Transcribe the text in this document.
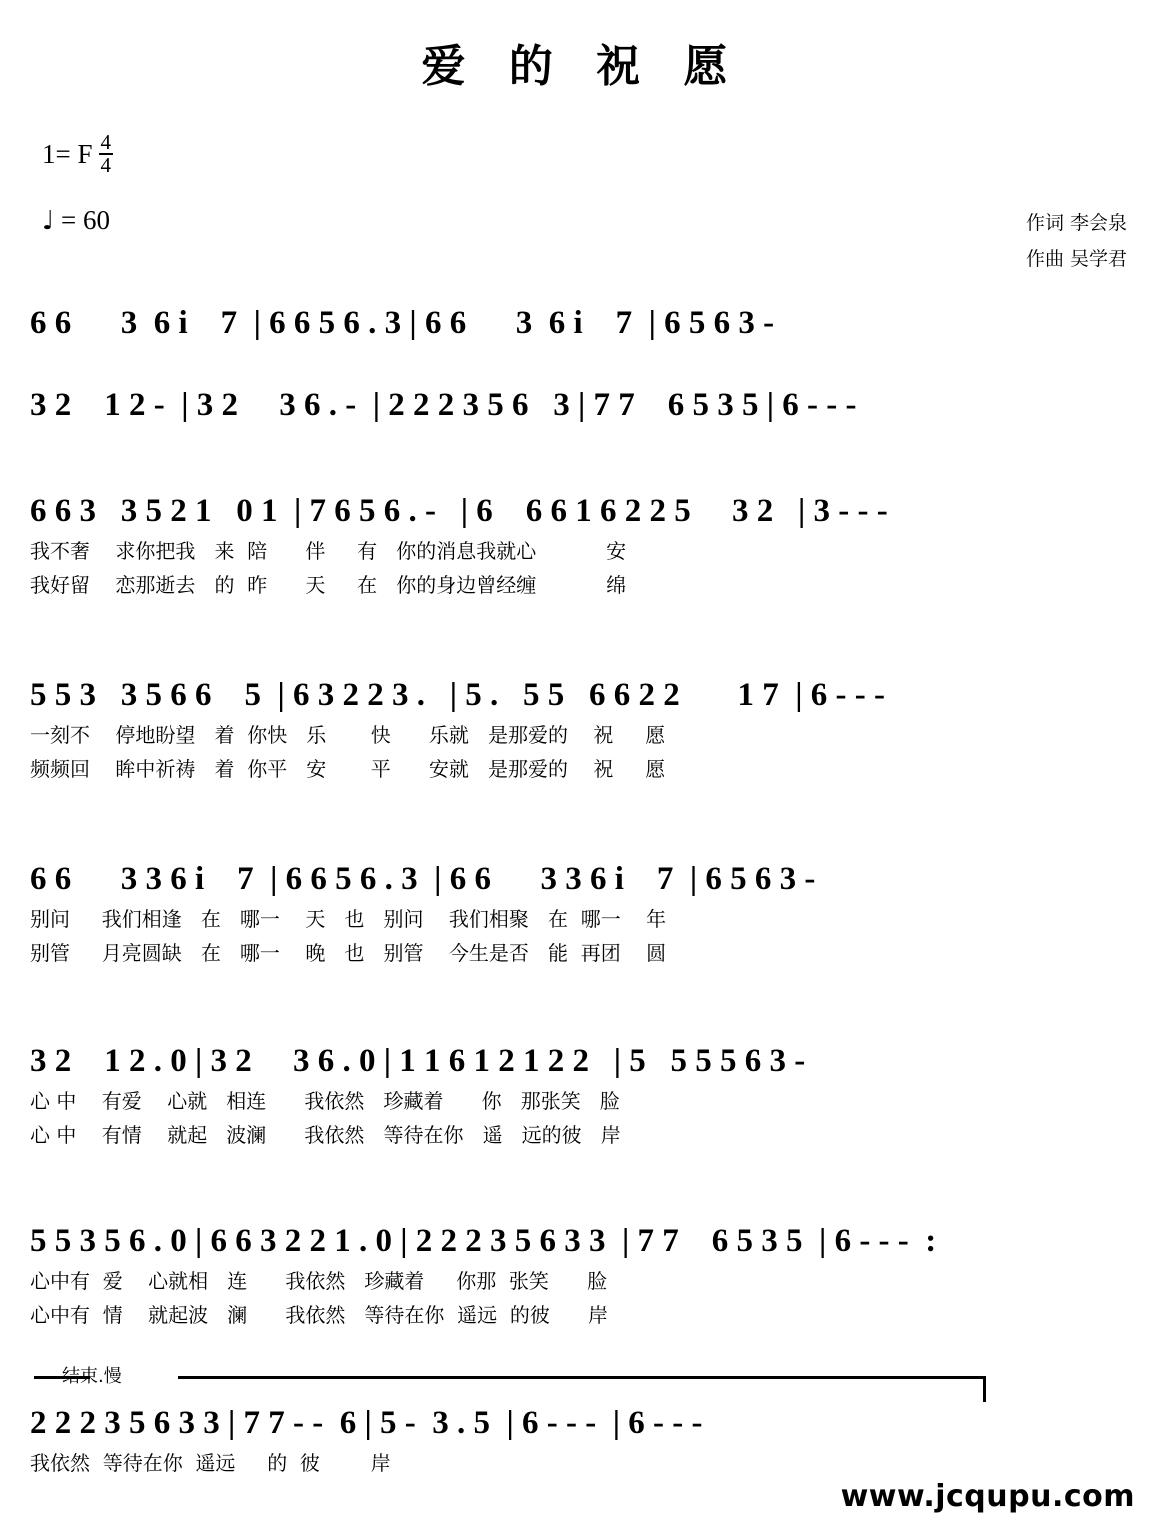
爱 的 祝 愿
1= F $\frac{4}{4}$
♩ = 60	作词 李会泉
作曲 吴学君
6 6      3  6 i    7  | 6 6 5 6 . 3 | 6 6      3  6 i    7  | 6 5 6 3 -
3 2    1 2 -  | 3 2     3 6 . -  | 2 2 2 3 5 6   3 | 7 7    6 5 3 5 | 6 - - -
6 6 3   3 5 2 1   0 1  | 7 6 5 6 . -   | 6    6 6 1 6 2 2 5     3 2   | 3 - - -
我不奢    求你把我   来  陪      伴     有   你的消息我就心           安
我好留    恋那逝去   的  昨      天     在   你的身边曾经缠           绵
5 5 3   3 5 6 6    5  | 6 3 2 2 3 .   | 5 .   5 5   6 6 2 2       1 7  | 6 - - -
一刻不    停地盼望   着  你快   乐       快      乐就   是那爱的    祝     愿
频频回    眸中祈祷   着  你平   安       平      安就   是那爱的    祝     愿
6 6      3 3 6 i    7  | 6 6 5 6 . 3  | 6 6      3 3 6 i    7  | 6 5 6 3 -
别问     我们相逢   在   哪一    天   也   别问    我们相聚   在  哪一    年
别管     月亮圆缺   在   哪一    晚   也   别管    今生是否   能  再团    圆
3 2    1 2 . 0 | 3 2     3 6 . 0 | 1 1 6 1 2 1 2 2   | 5   5 5 5 6 3 -
心 中    有爱    心就   相连      我依然   珍藏着      你   那张笑   脸
心 中    有情    就起   波澜      我依然   等待在你   遥   远的彼   岸
5 5 3 5 6 . 0 | 6 6 3 2 2 1 . 0 | 2 2 2 3 5 6 3 3  | 7 7    6 5 3 5  | 6 - - -  :
心中有  爱    心就相   连      我依然   珍藏着     你那  张笑      脸
心中有  情    就起波   澜      我依然   等待在你  遥远  的彼      岸
结束.慢
2 2 2 3 5 6 3 3 | 7 7 - -  6 | 5 -  3 . 5  | 6 - - -  | 6 - - -
我依然  等待在你  遥远     的  彼        岸
www.jcqupu.com
